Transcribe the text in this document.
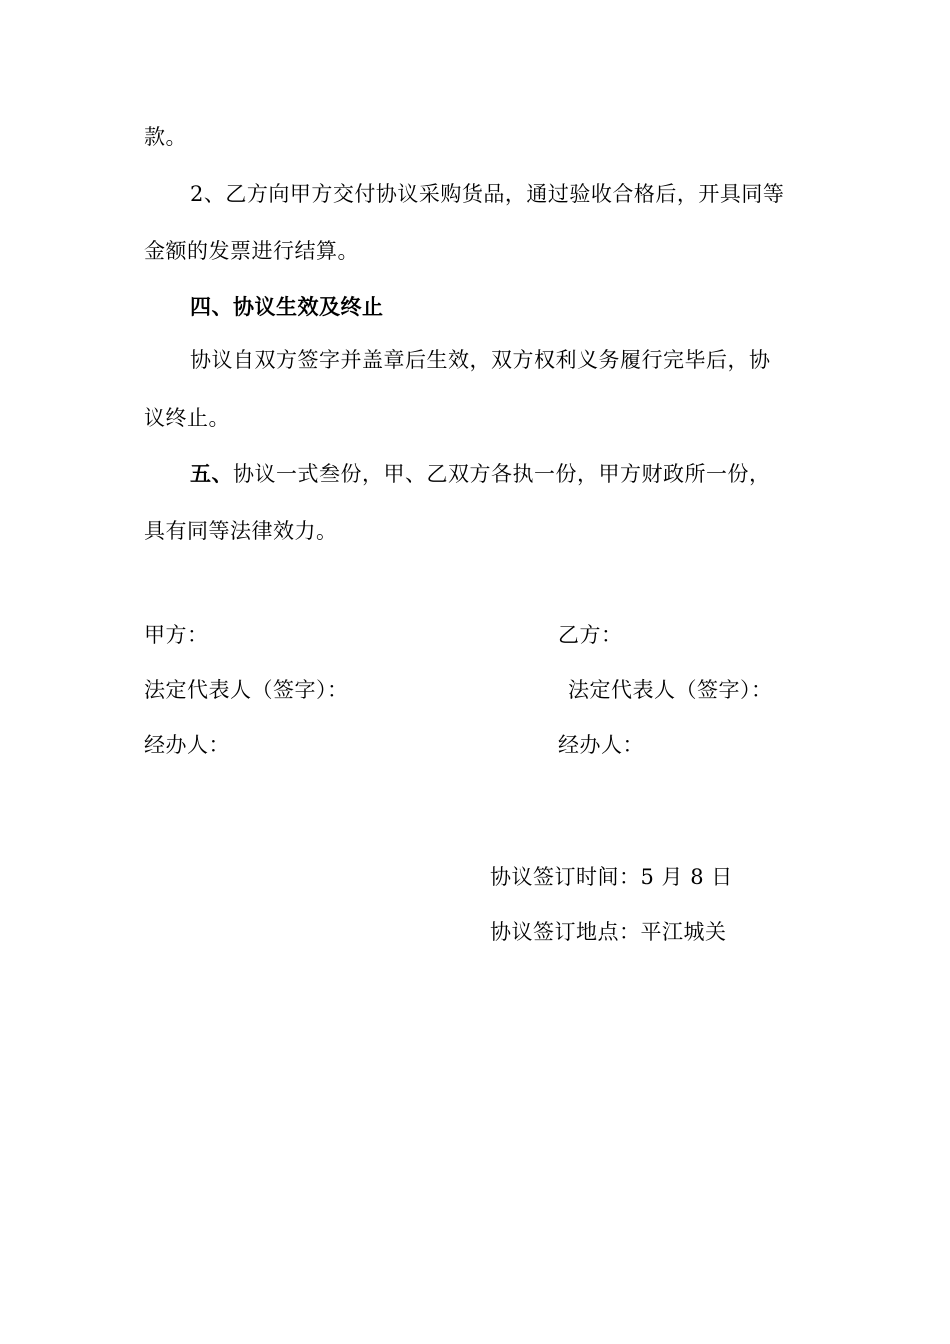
款。
2、乙方向甲方交付协议采购货品，通过验收合格后，开具同等
金额的发票进行结算。
四、协议生效及终止
协议自双方签字并盖章后生效，双方权利义务履行完毕后，协
议终止。
五、协议一式叁份，甲、乙双方各执一份，甲方财政所一份，
具有同等法律效力。
甲方：	乙方：
法定代表人（签字）：	法定代表人（签字）：
经办人：	经办人：
协议签订时间：5 月 8 日
协议签订地点：平江城关
